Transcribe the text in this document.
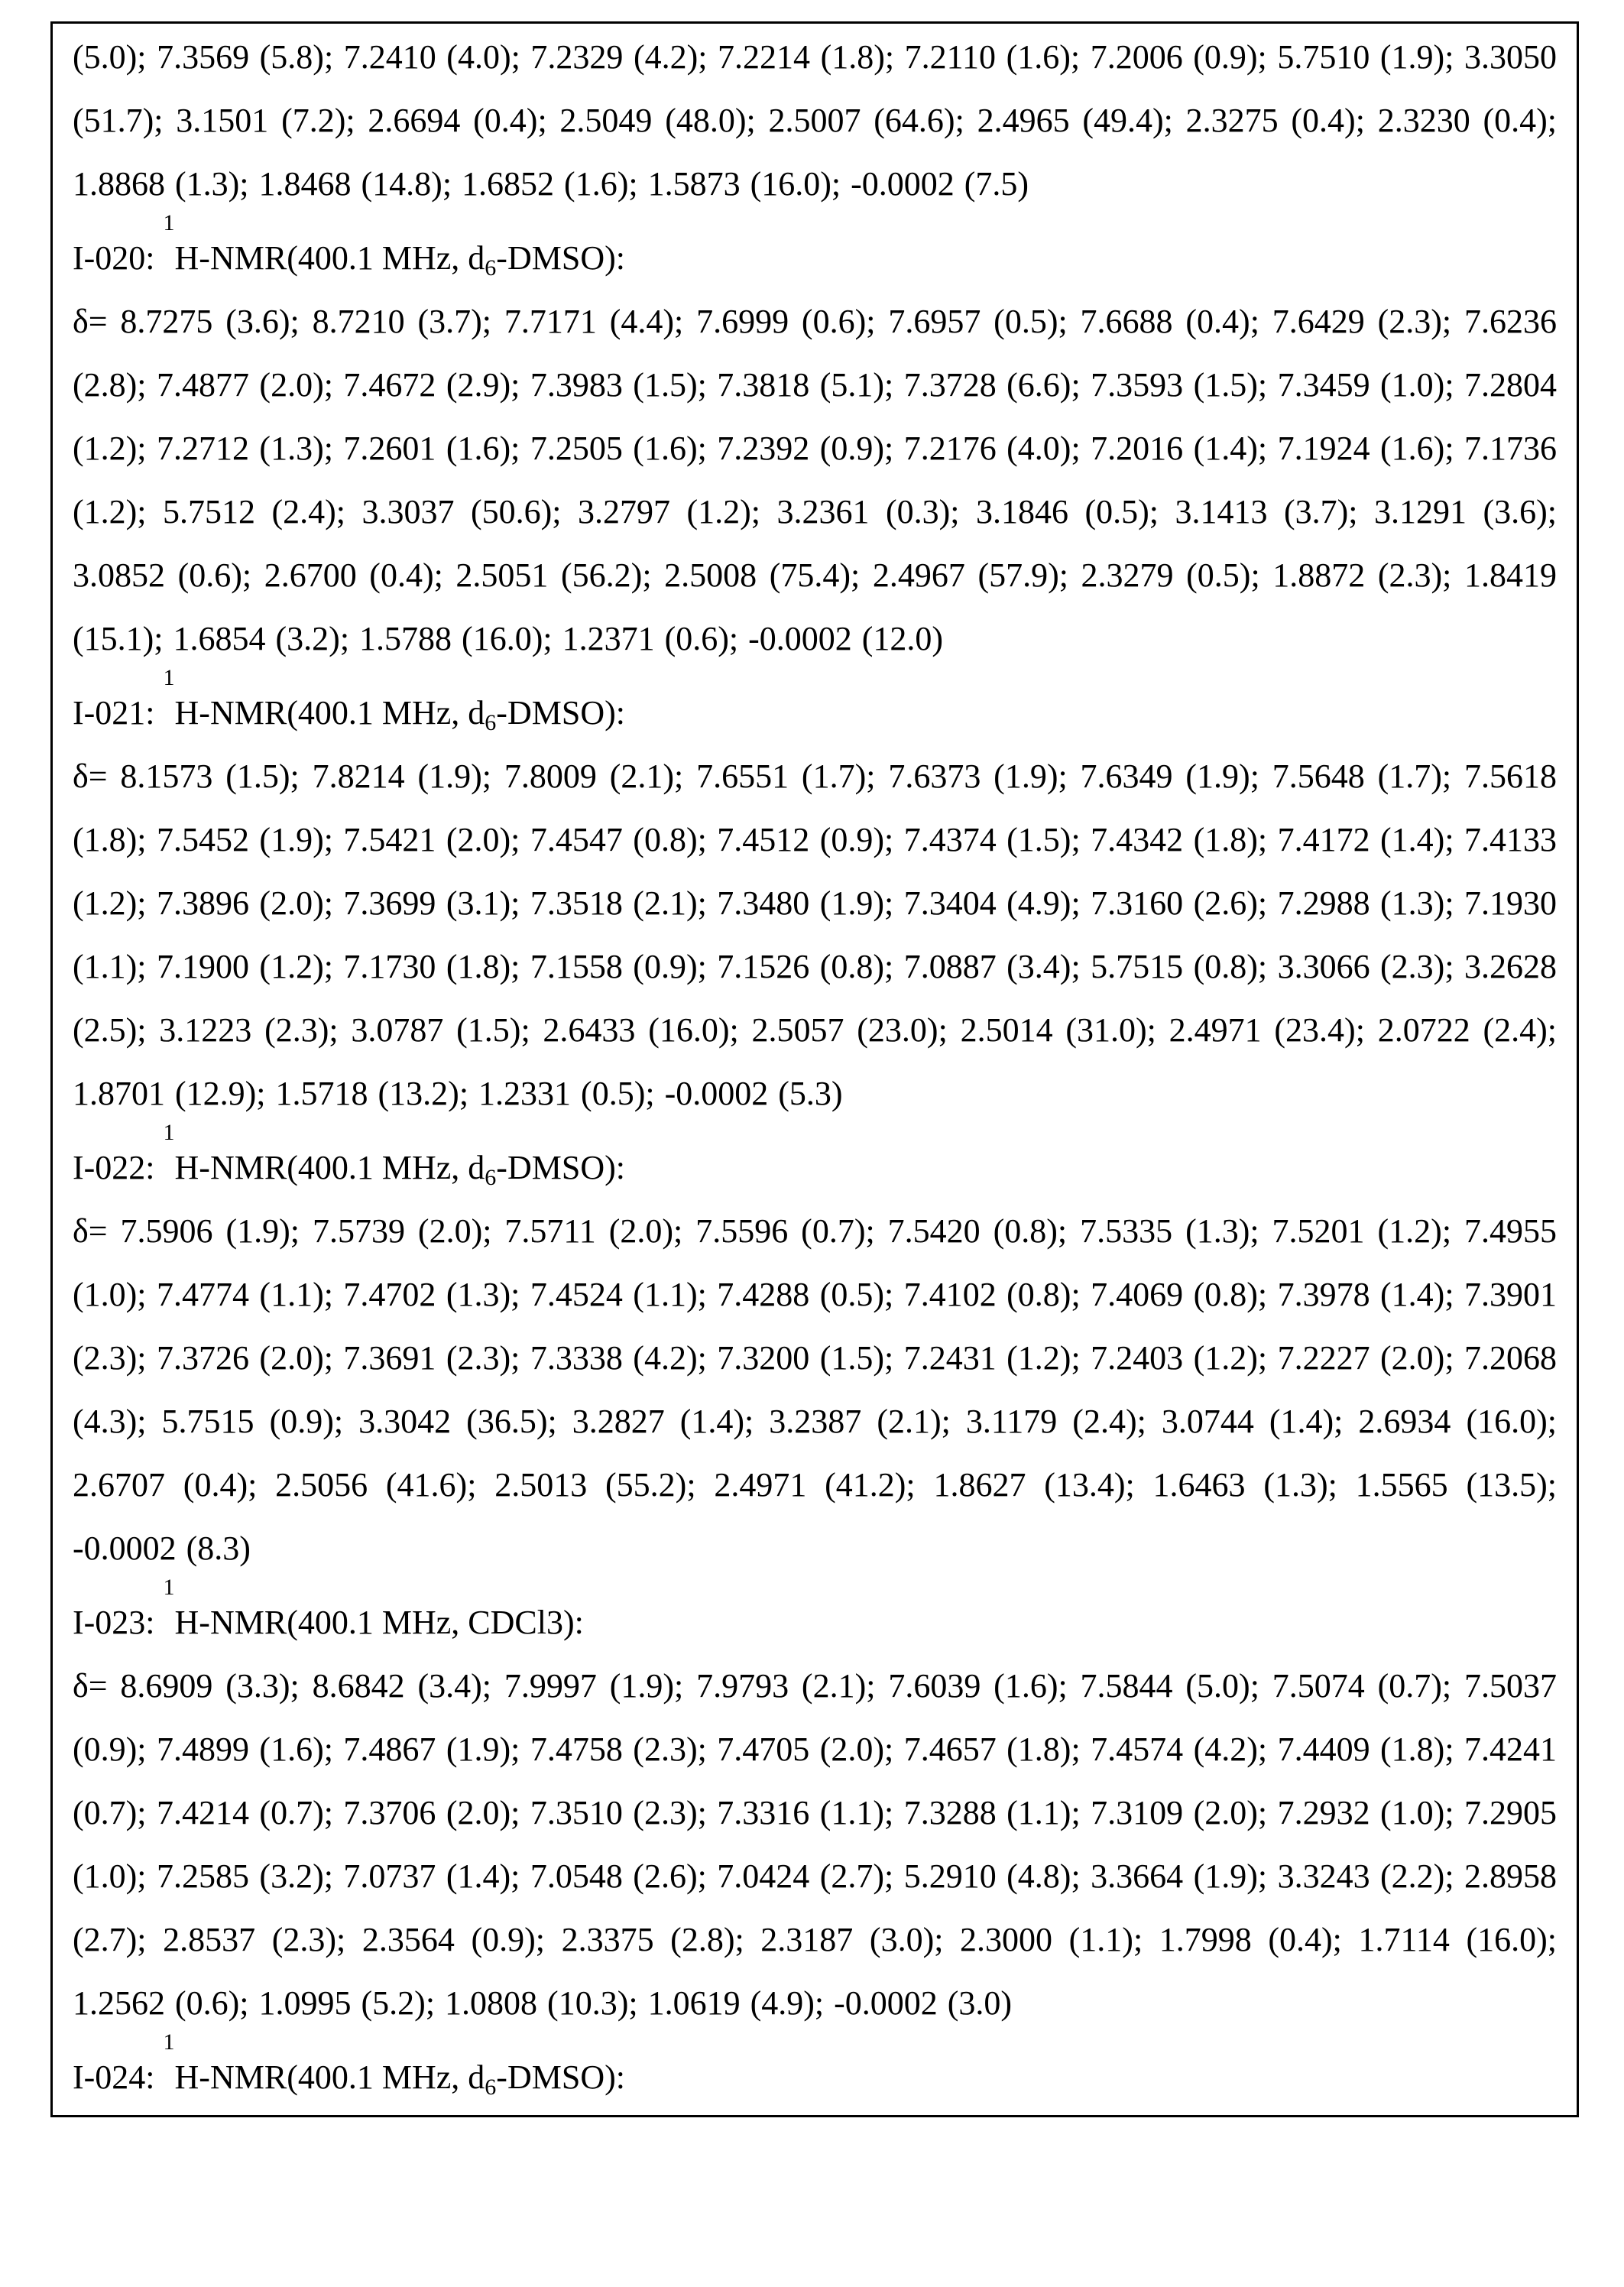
(5.0); 7.3569 (5.8); 7.2410 (4.0); 7.2329 (4.2); 7.2214 (1.8); 7.2110 (1.6); 7.2006 (0.9); 5.7510 (1.9); 3.3050 (51.7); 3.1501 (7.2); 2.6694 (0.4); 2.5049 (48.0); 2.5007 (64.6); 2.4965 (49.4); 2.3275 (0.4); 2.3230 (0.4); 1.8868 (1.3); 1.8468 (14.8); 1.6852 (1.6); 1.5873 (16.0); -0.0002 (7.5)

I-020: $^1$H-NMR(400.1 MHz, $d_6-DMSO$):
δ= 8.7275 (3.6); 8.7210 (3.7); 7.7171 (4.4); 7.6999 (0.6); 7.6957 (0.5); 7.6688 (0.4); 7.6429 (2.3); 7.6236 (2.8); 7.4877 (2.0); 7.4672 (2.9); 7.3983 (1.5); 7.3818 (5.1); 7.3728 (6.6); 7.3593 (1.5); 7.3459 (1.0); 7.2804 (1.2); 7.2712 (1.3); 7.2601 (1.6); 7.2505 (1.6); 7.2392 (0.9); 7.2176 (4.0); 7.2016 (1.4); 7.1924 (1.6); 7.1736 (1.2); 5.7512 (2.4); 3.3037 (50.6); 3.2797 (1.2); 3.2361 (0.3); 3.1846 (0.5); 3.1413 (3.7); 3.1291 (3.6); 3.0852 (0.6); 2.6700 (0.4); 2.5051 (56.2); 2.5008 (75.4); 2.4967 (57.9); 2.3279 (0.5); 1.8872 (2.3); 1.8419 (15.1); 1.6854 (3.2); 1.5788 (16.0); 1.2371 (0.6); -0.0002 (12.0)

I-021: $^1$H-NMR(400.1 MHz, $d_6-DMSO$):
δ= 8.1573 (1.5); 7.8214 (1.9); 7.8009 (2.1); 7.6551 (1.7); 7.6373 (1.9); 7.6349 (1.9); 7.5648 (1.7); 7.5618 (1.8); 7.5452 (1.9); 7.5421 (2.0); 7.4547 (0.8); 7.4512 (0.9); 7.4374 (1.5); 7.4342 (1.8); 7.4172 (1.4); 7.4133 (1.2); 7.3896 (2.0); 7.3699 (3.1); 7.3518 (2.1); 7.3480 (1.9); 7.3404 (4.9); 7.3160 (2.6); 7.2988 (1.3); 7.1930 (1.1); 7.1900 (1.2); 7.1730 (1.8); 7.1558 (0.9); 7.1526 (0.8); 7.0887 (3.4); 5.7515 (0.8); 3.3066 (2.3); 3.2628 (2.5); 3.1223 (2.3); 3.0787 (1.5); 2.6433 (16.0); 2.5057 (23.0); 2.5014 (31.0); 2.4971 (23.4); 2.0722 (2.4); 1.8701 (12.9); 1.5718 (13.2); 1.2331 (0.5); -0.0002 (5.3)

I-022: $^1$H-NMR(400.1 MHz, $d_6-DMSO$):
δ= 7.5906 (1.9); 7.5739 (2.0); 7.5711 (2.0); 7.5596 (0.7); 7.5420 (0.8); 7.5335 (1.3); 7.5201 (1.2); 7.4955 (1.0); 7.4774 (1.1); 7.4702 (1.3); 7.4524 (1.1); 7.4288 (0.5); 7.4102 (0.8); 7.4069 (0.8); 7.3978 (1.4); 7.3901 (2.3); 7.3726 (2.0); 7.3691 (2.3); 7.3338 (4.2); 7.3200 (1.5); 7.2431 (1.2); 7.2403 (1.2); 7.2227 (2.0); 7.2068 (4.3); 5.7515 (0.9); 3.3042 (36.5); 3.2827 (1.4); 3.2387 (2.1); 3.1179 (2.4); 3.0744 (1.4); 2.6934 (16.0); 2.6707 (0.4); 2.5056 (41.6); 2.5013 (55.2); 2.4971 (41.2); 1.8627 (13.4); 1.6463 (1.3); 1.5565 (13.5); -0.0002 (8.3)

I-023: $^1$H-NMR(400.1 MHz, CDCl3):
δ= 8.6909 (3.3); 8.6842 (3.4); 7.9997 (1.9); 7.9793 (2.1); 7.6039 (1.6); 7.5844 (5.0); 7.5074 (0.7); 7.5037 (0.9); 7.4899 (1.6); 7.4867 (1.9); 7.4758 (2.3); 7.4705 (2.0); 7.4657 (1.8); 7.4574 (4.2); 7.4409 (1.8); 7.4241 (0.7); 7.4214 (0.7); 7.3706 (2.0); 7.3510 (2.3); 7.3316 (1.1); 7.3288 (1.1); 7.3109 (2.0); 7.2932 (1.0); 7.2905 (1.0); 7.2585 (3.2); 7.0737 (1.4); 7.0548 (2.6); 7.0424 (2.7); 5.2910 (4.8); 3.3664 (1.9); 3.3243 (2.2); 2.8958 (2.7); 2.8537 (2.3); 2.3564 (0.9); 2.3375 (2.8); 2.3187 (3.0); 2.3000 (1.1); 1.7998 (0.4); 1.7114 (16.0); 1.2562 (0.6); 1.0995 (5.2); 1.0808 (10.3); 1.0619 (4.9); -0.0002 (3.0)

I-024: $^1$H-NMR(400.1 MHz, $d_6-DMSO$):
